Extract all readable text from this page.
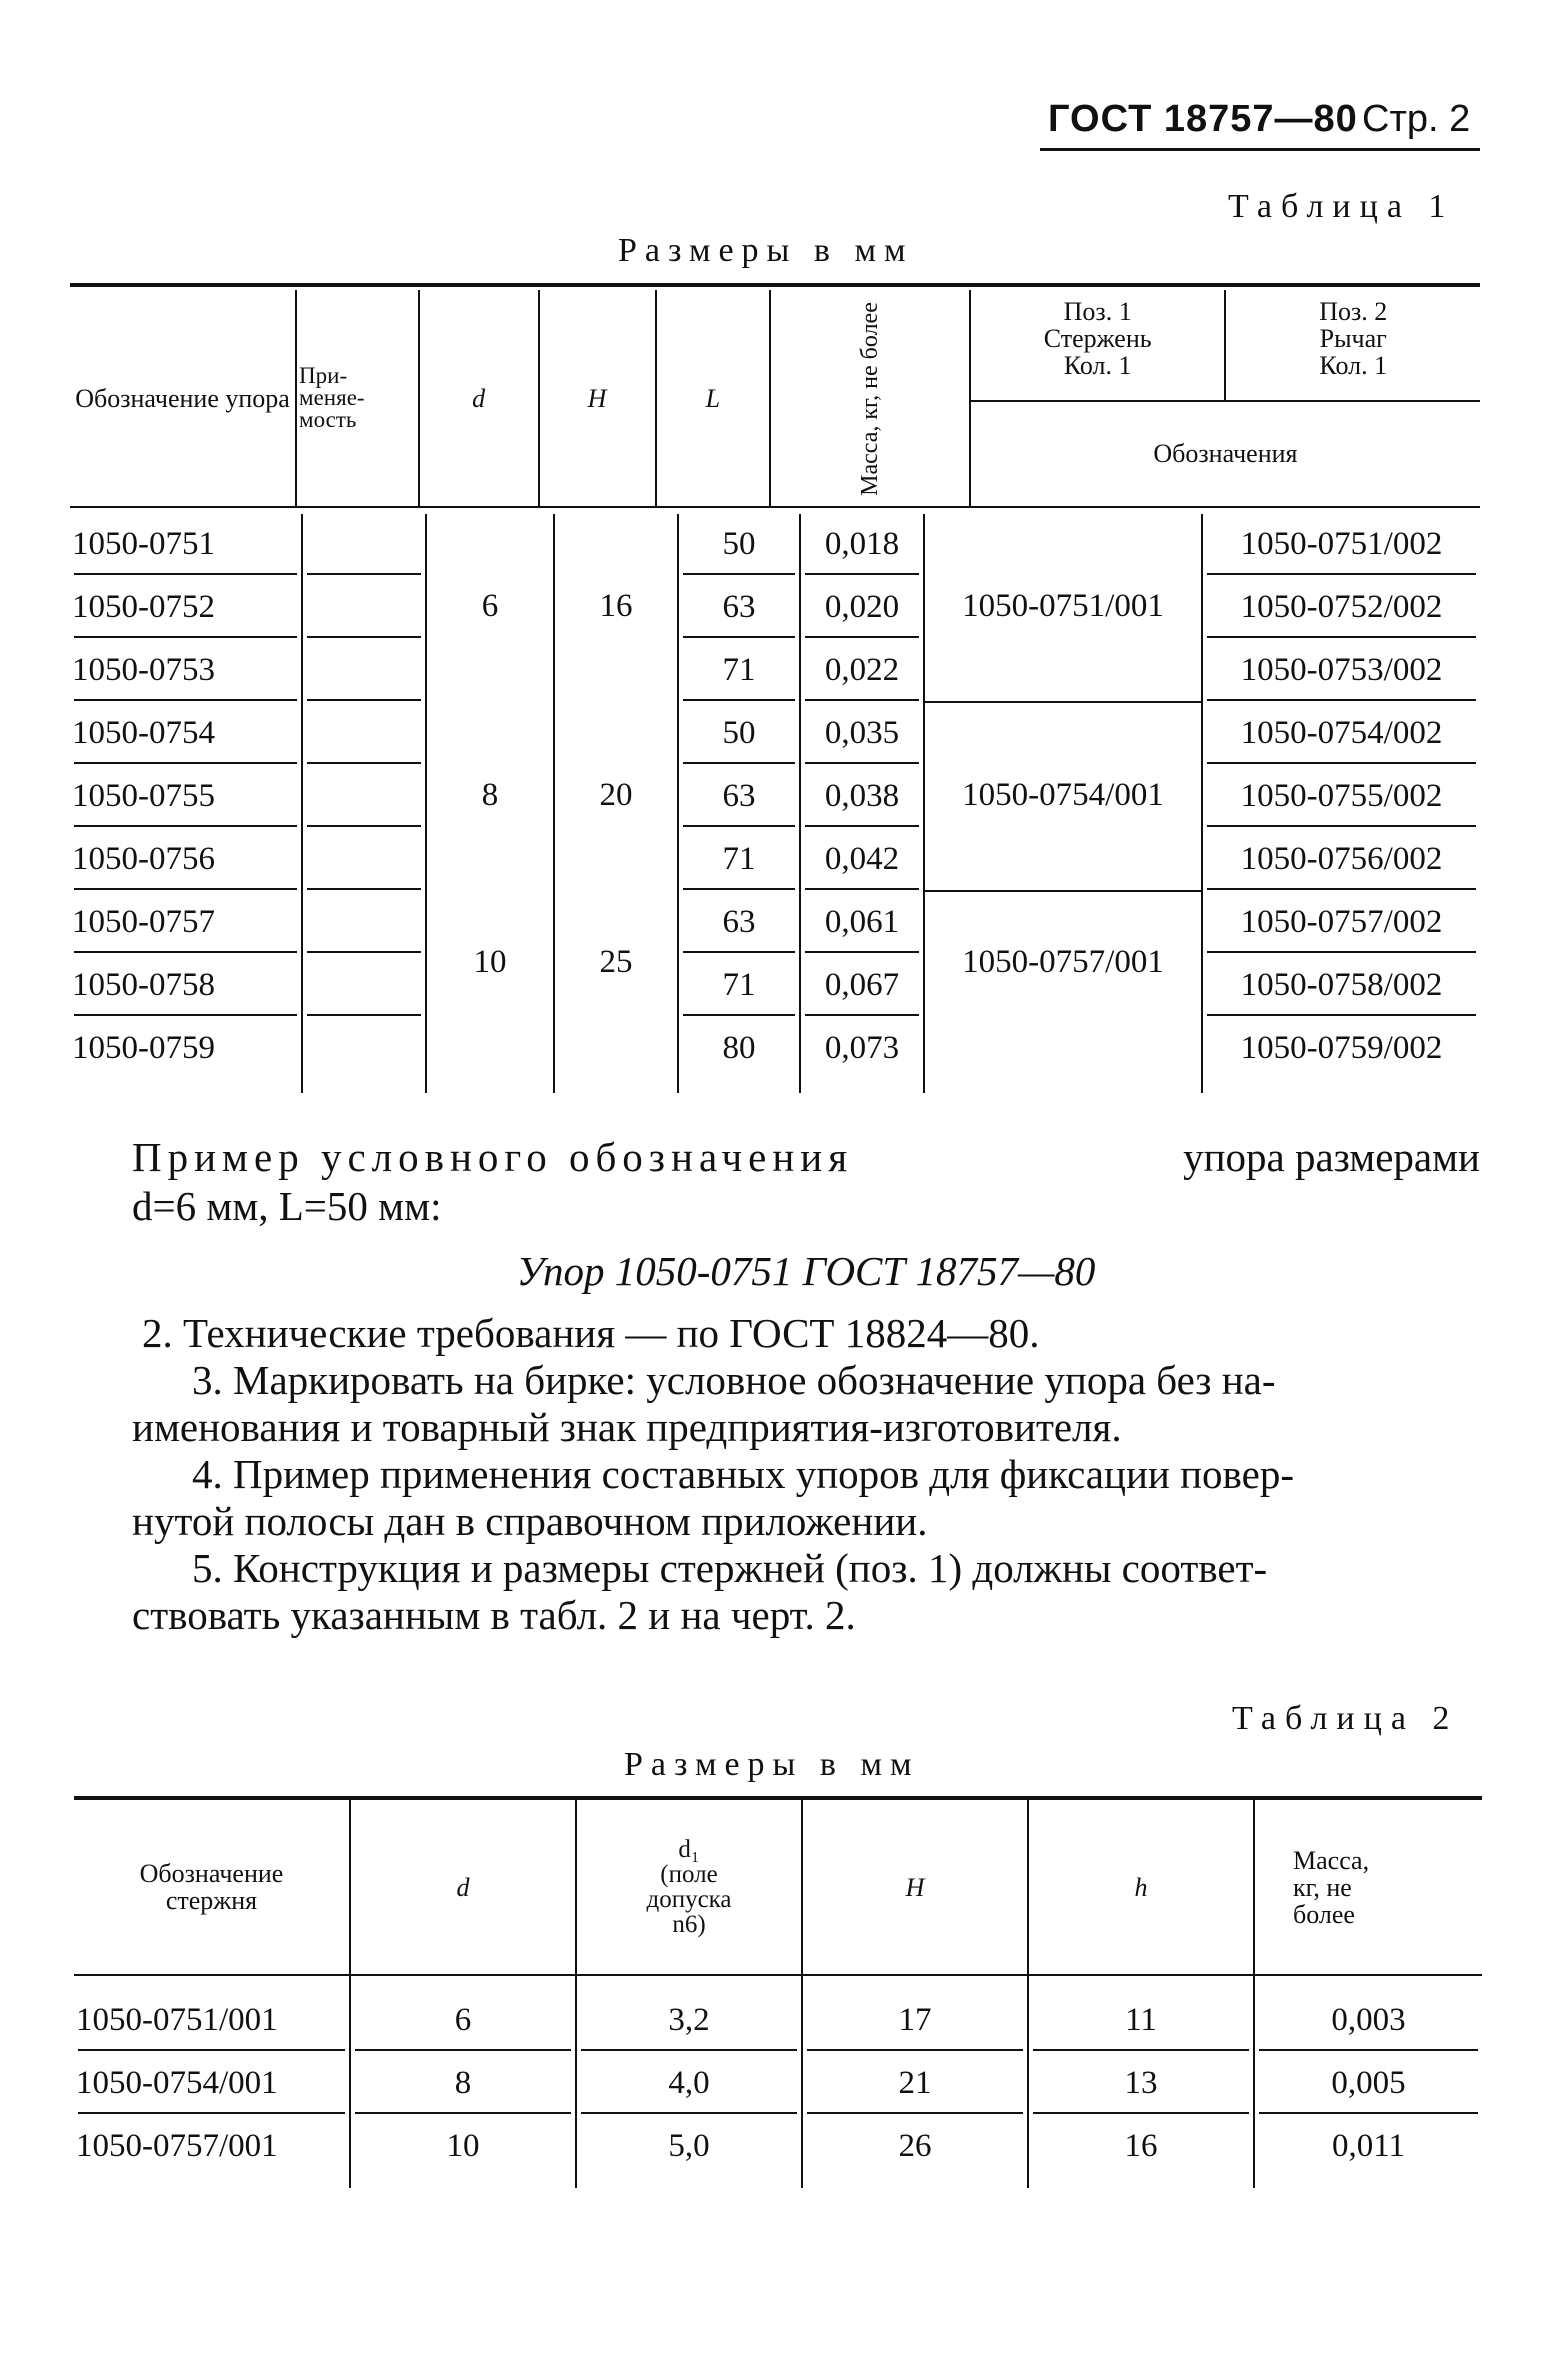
ГОСТ 18757—80 Стр. 2
Таблица 1
Размеры в мм
Обозначение упора	При-
меняе-
мость	d	H	L	Масса, кг, не более	Поз. 1
Стержень
Кол. 1
Поз. 2
Рычаг
Кол. 1
Обозначения
1050-0751		6	16	50	0,018	1050-0751/001	1050-0751/002

1050-0752				63	0,020		1050-0752/002

1050-0753				71	0,022		1050-0753/002

1050-0754		8	20	50	0,035	1050-0754/001	1050-0754/002

1050-0755				63	0,038		1050-0755/002

1050-0756				71	0,042		1050-0756/002

1050-0757		10	25	63	0,061	1050-0757/001	1050-0757/002

1050-0758				71	0,067		1050-0758/002

1050-0759				80	0,073		1050-0759/002
Пример условного обозначения	упора размерами
d=6 мм, L=50 мм:
Упор 1050-0751 ГОСТ 18757—80
2. Технические требования — по ГОСТ 18824—80.
3. Маркировать на бирке: условное обозначение упора без на-
именования и товарный знак предприятия-изготовителя.
4. Пример применения составных упоров для фиксации повер-
нутой полосы дан в справочном приложении.
5. Конструкция и размеры стержней (поз. 1) должны соответ-
ствовать указанным в табл. 2 и на черт. 2.
Таблица 2
Размеры в мм
Обозначение
стержня	d	d₁
(поле
допуска
n6)	H	h	Масса,
кг, не
более

1050-0751/001	6	3,2	17	11	0,003

1050-0754/001	8	4,0	21	13	0,005

1050-0757/001	10	5,0	26	16	0,011
